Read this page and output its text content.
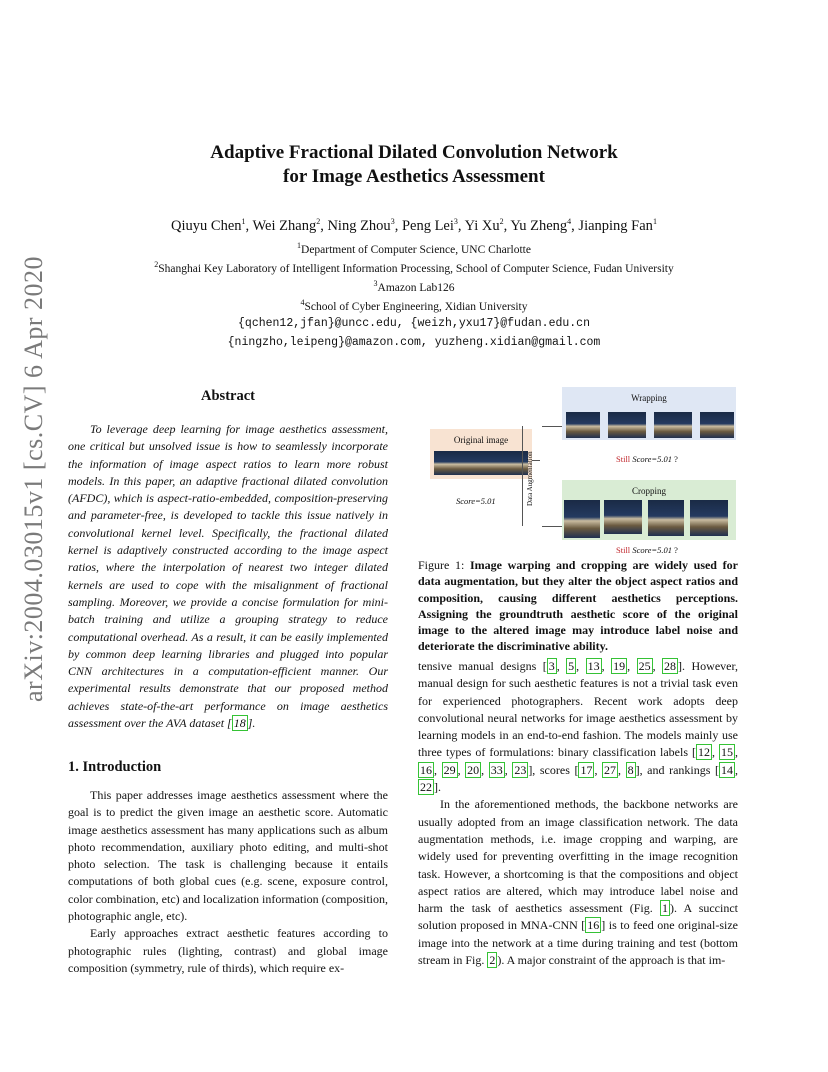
arXiv:2004.03015v1 [cs.CV] 6 Apr 2020
Adaptive Fractional Dilated Convolution Network
for Image Aesthetics Assessment
Qiuyu Chen$^1$, Wei Zhang$^2$, Ning Zhou$^3$, Peng Lei$^3$, Yi Xu$^2$, Yu Zheng$^4$, Jianping Fan$^1$
$^1$Department of Computer Science, UNC Charlotte
$^2$Shanghai Key Laboratory of Intelligent Information Processing, School of Computer Science, Fudan University
$^3$Amazon Lab126
$^4$School of Cyber Engineering, Xidian University
{qchen12,jfan}@uncc.edu, {weizh,yxu17}@fudan.edu.cn
{ningzho,leipeng}@amazon.com, yuzheng.xidian@gmail.com
Abstract

To leverage deep learning for image aesthetics assessment, one critical but unsolved issue is how to seamlessly incorporate the information of image aspect ratios to learn more robust models. In this paper, an adaptive fractional dilated convolution (AFDC), which is aspect-ratio-embedded, composition-preserving and parameter-free, is developed to tackle this issue natively in convolutional kernel level. Specifically, the fractional dilated kernel is adaptively constructed according to the image aspect ratios, where the interpolation of nearest two integer dilated kernels are used to cope with the misalignment of fractional sampling. Moreover, we provide a concise formulation for mini-batch training and utilize a grouping strategy to reduce computational overhead. As a result, it can be easily implemented by common deep learning libraries and plugged into popular CNN architectures in a computation-efficient manner. Our experimental results demonstrate that our proposed method achieves state-of-the-art performance on image aesthetics assessment over the AVA dataset [ 18 ].

1. Introduction

This paper addresses image aesthetics assessment where the goal is to predict the given image an aesthetic score. Automatic image aesthetics assessment has many applications such as album photo recommendation, auxiliary photo editing, and multi-shot photo selection. The task is challenging because it entails computations of both global cues (e.g. scene, exposure control, color combination, etc) and localization information (composition, photographic angle, etc).

Early approaches extract aesthetic features according to photographic rules (lighting, contrast) and global image composition (symmetry, rule of thirds), which require ex-

Wrapping
Still Score=5.01 ?
Original image
Score=5.01	Data Augmentation	Cropping
Still Score=5.01 ?

Figure 1: Image warping and cropping are widely used for data augmentation, but they alter the object aspect ratios and composition, causing different aesthetics perceptions. Assigning the groundtruth aesthetic score of the original image to the altered image may introduce label noise and deteriorate the discriminative ability.

tensive manual designs [ 3 , 5 , 13 , 19 , 25 , 28 ]. However, manual design for such aesthetic features is not a trivial task even for experienced photographers. Recent work adopts deep convolutional neural networks for image aesthetics assessment by learning models in an end-to-end fashion. The models mainly use three types of formulations: binary classification labels [ 12 , 15 , 16 , 29 , 20 , 33 , 23 ], scores [ 17 , 27 , 8 ], and rankings [ 14 , 22 ].

In the aforementioned methods, the backbone networks are usually adopted from an image classification network. The data augmentation methods, i.e. image cropping and warping, are widely used for preventing overfitting in the image recognition task. However, a shortcoming is that the compositions and object aspect ratios are altered, which may introduce label noise and harm the task of aesthetics assessment (Fig. 1 ). A succinct solution proposed in MNA-CNN [ 16 ] is to feed one original-size image into the network at a time during training and test (bottom stream in Fig. 2 ). A major constraint of the approach is that im-
